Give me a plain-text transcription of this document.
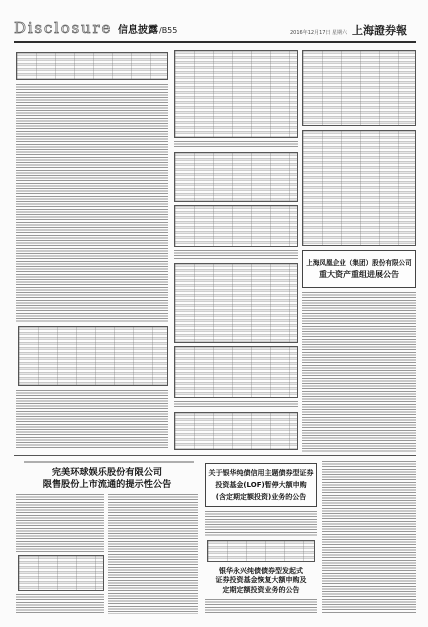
Disclosure 信息披露/B55	2016年12月17日 星期六 上海證券報
上海凤凰企业（集团）股份有限公司
重大资产重组进展公告
完美环球娱乐股份有限公司
限售股份上市流通的提示性公告
关于银华纯债信用主题债券型证券
投资基金(LOF)暂停大额申购
(含定期定额投资)业务的公告
银华永兴纯债债券型发起式
证券投资基金恢复大额申购及
定期定额投资业务的公告
